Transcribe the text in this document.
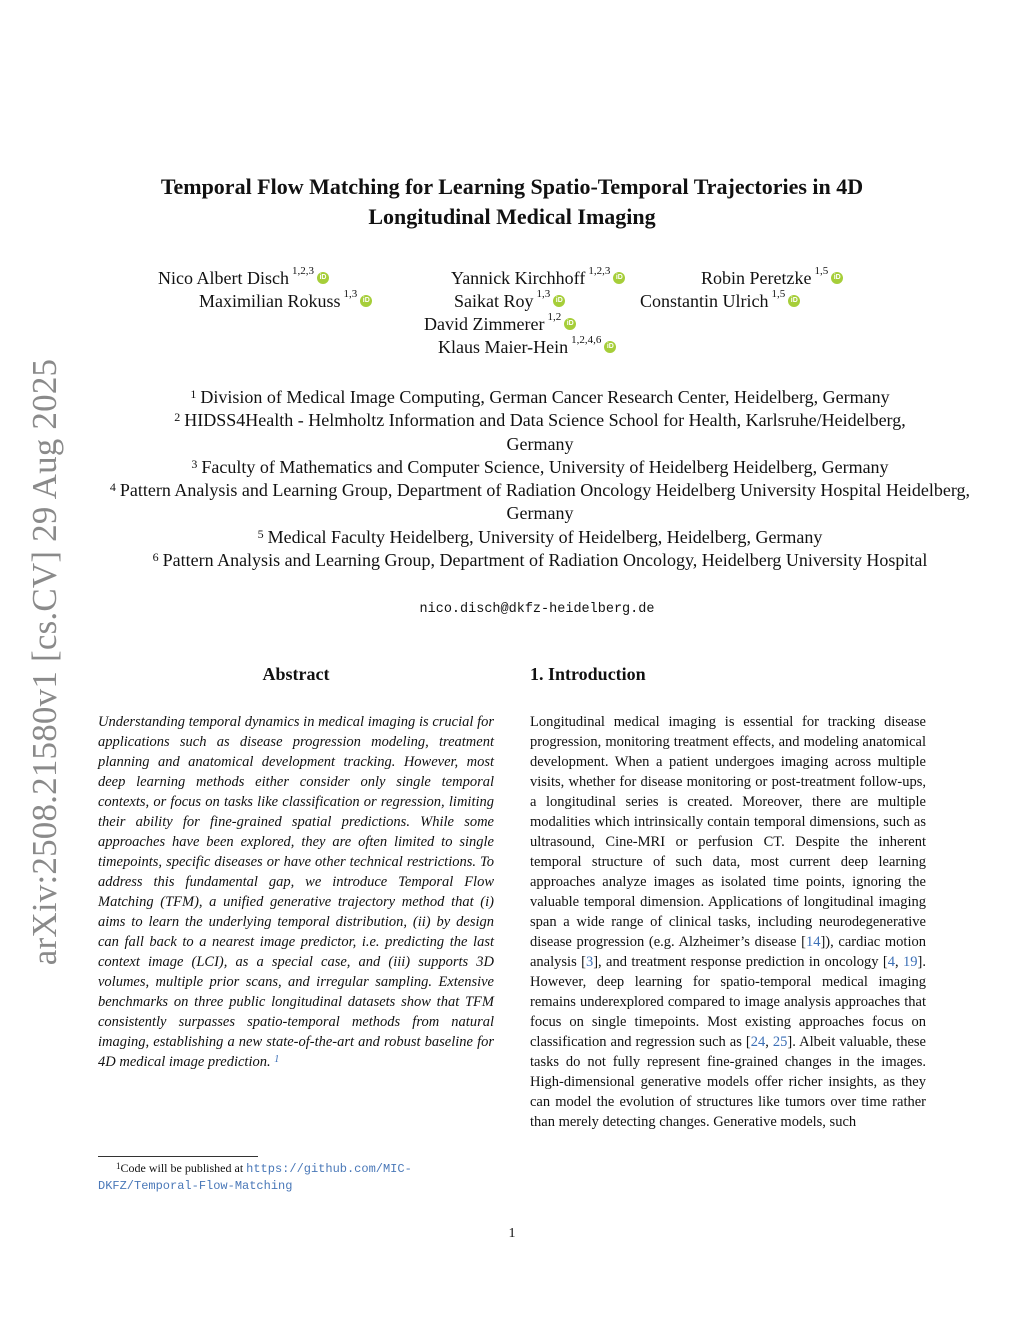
arXiv:2508.21580v1 [cs.CV] 29 Aug 2025
Temporal Flow Matching for Learning Spatio-Temporal Trajectories in 4D Longitudinal Medical Imaging
Nico Albert Disch $^{1,2,3}$iD	Yannick Kirchhoff $^{1,2,3}$iD	Robin Peretzke $^{1,5}$iD
Maximilian Rokuss $^{1,3}$iD	Saikat Roy $^{1,3}$iD	Constantin Ulrich $^{1,5}$iD
David Zimmerer $^{1,2}$iD
Klaus Maier-Hein $^{1,2,4,6}$iD
$^1$ Division of Medical Image Computing, German Cancer Research Center, Heidelberg, Germany
$^2$ HIDSS4Health - Helmholtz Information and Data Science School for Health, Karlsruhe/Heidelberg, Germany
$^3$ Faculty of Mathematics and Computer Science, University of Heidelberg Heidelberg, Germany
$^4$ Pattern Analysis and Learning Group, Department of Radiation Oncology Heidelberg University Hospital Heidelberg, Germany
$^5$ Medical Faculty Heidelberg, University of Heidelberg, Heidelberg, Germany
$^6$ Pattern Analysis and Learning Group, Department of Radiation Oncology, Heidelberg University Hospital
nico.disch@dkfz-heidelberg.de
Abstract
Understanding temporal dynamics in medical imaging is crucial for applications such as disease progression modeling, treatment planning and anatomical development tracking. However, most deep learning methods either consider only single temporal contexts, or focus on tasks like classification or regression, limiting their ability for fine-grained spatial predictions. While some approaches have been explored, they are often limited to single timepoints, specific diseases or have other technical restrictions. To address this fundamental gap, we introduce Temporal Flow Matching (TFM), a unified generative trajectory method that (i) aims to learn the underlying temporal distribution, (ii) by design can fall back to a nearest image predictor, i.e. predicting the last context image (LCI), as a special case, and (iii) supports 3D volumes, multiple prior scans, and irregular sampling. Extensive benchmarks on three public longitudinal datasets show that TFM consistently surpasses spatio-temporal methods from natural imaging, establishing a new state-of-the-art and robust baseline for 4D medical image prediction. $^1$
1. Introduction
Longitudinal medical imaging is essential for tracking disease progression, monitoring treatment effects, and modeling anatomical development. When a patient undergoes imaging across multiple visits, whether for disease monitoring or post-treatment follow-ups, a longitudinal series is created. Moreover, there are multiple modalities which intrinsically contain temporal dimensions, such as ultrasound, Cine-MRI or perfusion CT. Despite the inherent temporal structure of such data, most current deep learning approaches analyze images as isolated time points, ignoring the valuable temporal dimension. Applications of longitudinal imaging span a wide range of clinical tasks, including neurodegenerative disease progression (e.g. Alzheimer’s disease [14]), cardiac motion analysis [3], and treatment response prediction in oncology [4, 19]. However, deep learning for spatio-temporal medical imaging remains underexplored compared to image analysis approaches that focus on single timepoints. Most existing approaches focus on classification and regression such as [24, 25]. Albeit valuable, these tasks do not fully represent fine-grained changes in the images. High-dimensional generative models offer richer insights, as they can model the evolution of structures like tumors over time rather than merely detecting changes. Generative models, such
$^1$Code will be published at https://github.com/MIC-DKFZ/Temporal-Flow-Matching
1
